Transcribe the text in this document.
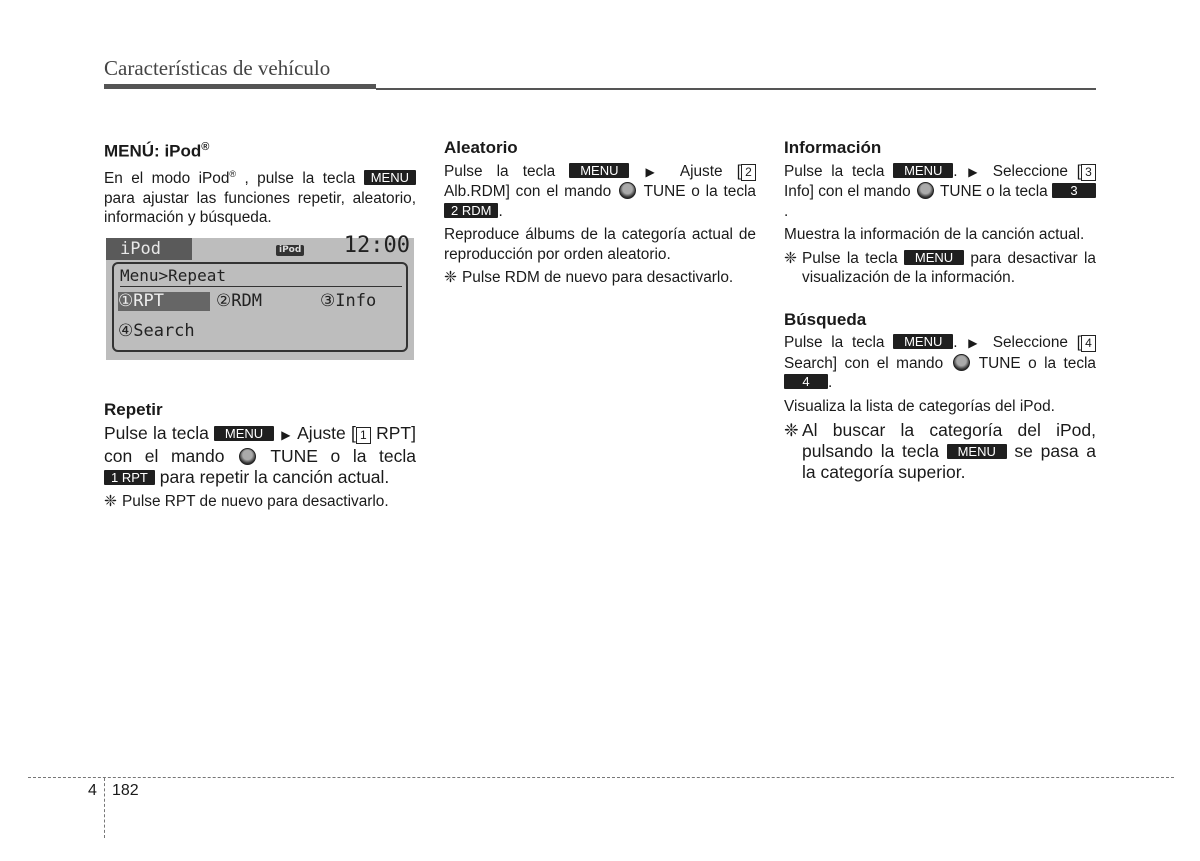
Características de vehículo
MENÚ: iPod®

En el modo iPod® , pulse la tecla MENU para ajustar las funciones repetir, aleatorio, información y búsqueda.

iPod	iPod 12:00
Menu>Repeat
①RPT	②RDM	③Info
④Search
Repetir

Pulse la tecla MENU ▶ Ajuste [ 1 RPT] con el mando  TUNE o la tecla 1 RPT para repetir la canción actual.

❈ Pulse RPT de nuevo para desactivarlo.

Aleatorio

Pulse la tecla MENU ▶ Ajuste [ 2 Alb.RDM] con el mando  TUNE o la tecla 2 RDM .

Reproduce álbums de la categoría actual de reproducción por orden aleatorio.

❈ Pulse RDM de nuevo para desactivarlo.

Información

Pulse la tecla MENU . ▶ Seleccione [ 3 Info] con el mando  TUNE o la tecla 3.

Muestra la información de la canción actual.

❈ Pulse la tecla MENU para desactivar la visualización de la información.

Búsqueda

Pulse la tecla MENU . ▶ Seleccione [ 4 Search] con el mando  TUNE o la tecla 4 .

Visualiza la lista de categorías del iPod.

❈ Al buscar la categoría del iPod, pulsando la tecla MENU se pasa a la categoría superior.

4 182
